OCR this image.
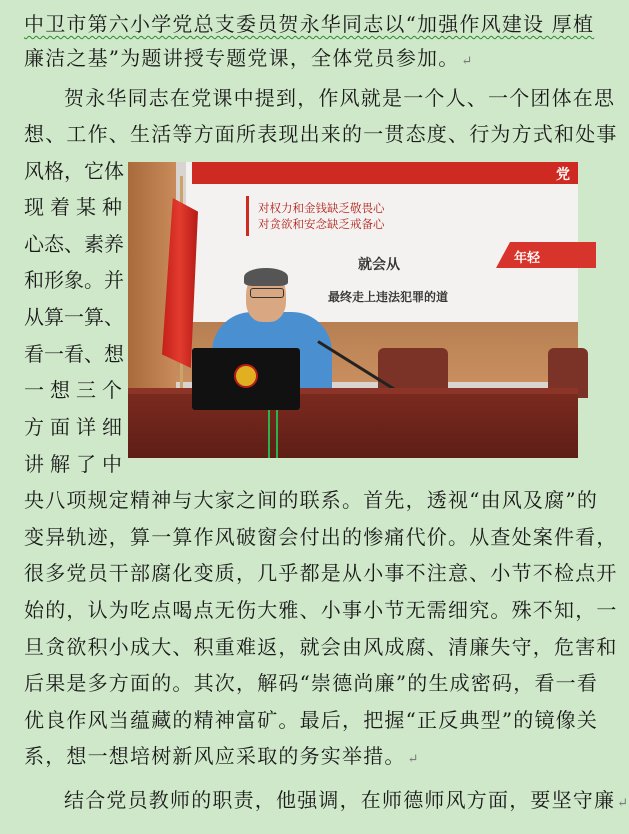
中卫市第六小学党总支委员贺永华同志以“加强作风建设 厚植
廉洁之基”为题讲授专题党课，全体党员参加。 ↵
贺永华同志在党课中提到，作风就是一个人、一个团体在思
想、工作、生活等方面所表现出来的一贯态度、行为方式和处事
风格，它体
现着某种
心态、素养
和形象。并
从算一算、
看一看、想
一想三个
方面详细
讲解了中
党
对权力和金钱缺乏敬畏心
对贪欲和安念缺乏戒备心
就会从	年轻
最终走上违法犯罪的道
央八项规定精神与大家之间的联系。首先，透视“由风及腐”的
变异轨迹，算一算作风破窗会付出的惨痛代价。从查处案件看，
很多党员干部腐化变质，几乎都是从小事不注意、小节不检点开
始的，认为吃点喝点无伤大雅、小事小节无需细究。殊不知，一
旦贪欲积小成大、积重难返，就会由风成腐、清廉失守，危害和
后果是多方面的。其次，解码“崇德尚廉”的生成密码，看一看
优良作风当蕴藏的精神富矿。最后，把握“正反典型”的镜像关
系，想一想培树新风应采取的务实举措。 ↵
结合党员教师的职责，他强调，在师德师风方面，要坚守廉 ↵
